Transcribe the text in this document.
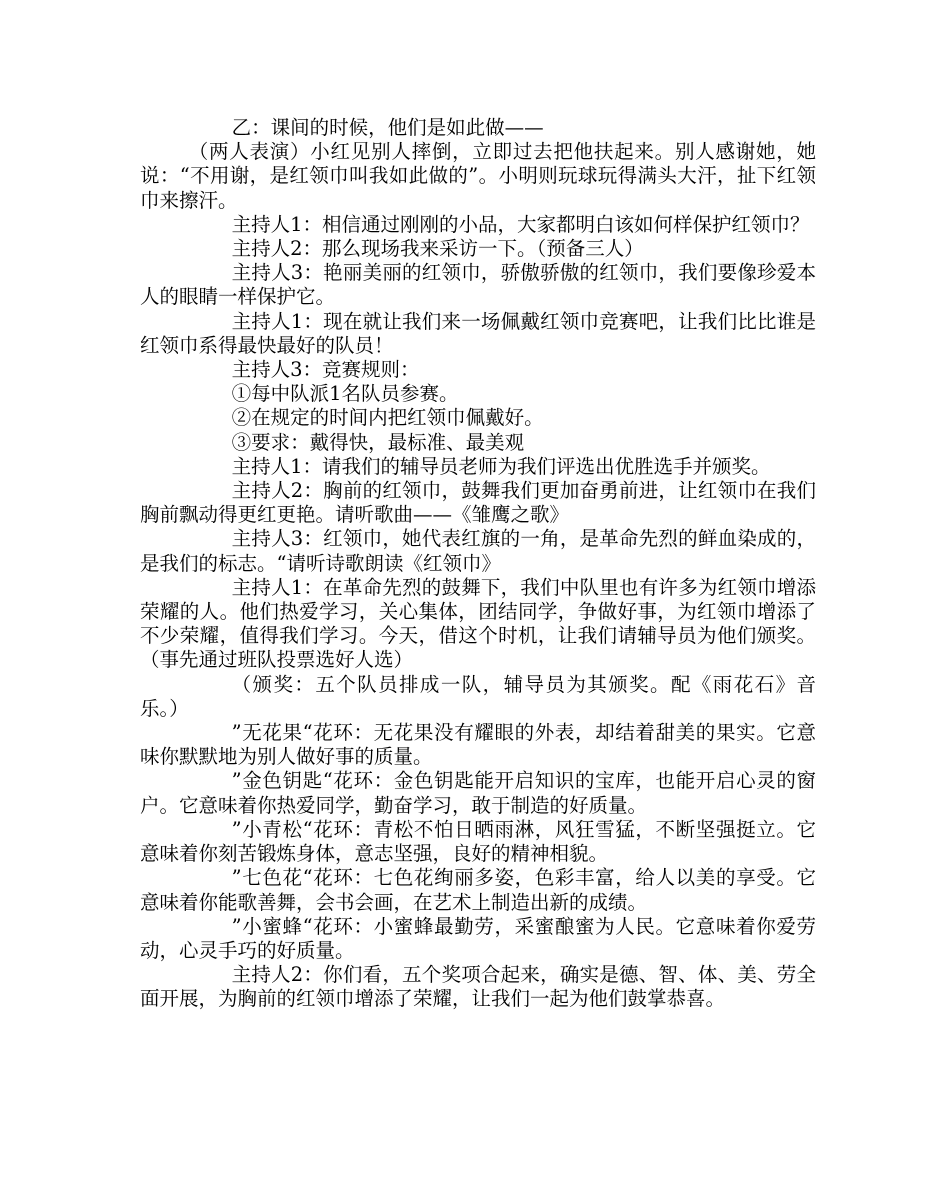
乙：课间的时候，他们是如此做——

（两人表演）小红见别人摔倒，立即过去把他扶起来。别人感谢她，她说：“不用谢，是红领巾叫我如此做的”。小明则玩球玩得满头大汗，扯下红领巾来擦汗。

主持人1：相信通过刚刚的小品，大家都明白该如何样保护红领巾？

主持人2：那么现场我来采访一下。（预备三人）

主持人3：艳丽美丽的红领巾，骄傲骄傲的红领巾，我们要像珍爱本人的眼睛一样保护它。

主持人1：现在就让我们来一场佩戴红领巾竞赛吧，让我们比比谁是红领巾系得最快最好的队员！

主持人3：竞赛规则：

①每中队派1名队员参赛。

②在规定的时间内把红领巾佩戴好。

③要求：戴得快，最标准、最美观

主持人1：请我们的辅导员老师为我们评选出优胜选手并颁奖。

主持人2：胸前的红领巾，鼓舞我们更加奋勇前进，让红领巾在我们胸前飘动得更红更艳。请听歌曲——《雏鹰之歌》

主持人3：红领巾，她代表红旗的一角，是革命先烈的鲜血染成的，是我们的标志。“请听诗歌朗读《红领巾》

主持人1：在革命先烈的鼓舞下，我们中队里也有许多为红领巾增添荣耀的人。他们热爱学习，关心集体，团结同学，争做好事，为红领巾增添了不少荣耀，值得我们学习。今天，借这个时机，让我们请辅导员为他们颁奖。（事先通过班队投票选好人选）

（颁奖：五个队员排成一队，辅导员为其颁奖。配《雨花石》音乐。）

”无花果“花环：无花果没有耀眼的外表，却结着甜美的果实。它意味你默默地为别人做好事的质量。

”金色钥匙“花环：金色钥匙能开启知识的宝库，也能开启心灵的窗户。它意味着你热爱同学，勤奋学习，敢于制造的好质量。

”小青松“花环：青松不怕日晒雨淋，风狂雪猛，不断坚强挺立。它意味着你刻苦锻炼身体，意志坚强，良好的精神相貌。

”七色花“花环：七色花绚丽多姿，色彩丰富，给人以美的享受。它意味着你能歌善舞，会书会画，在艺术上制造出新的成绩。

”小蜜蜂“花环：小蜜蜂最勤劳，采蜜酿蜜为人民。它意味着你爱劳动，心灵手巧的好质量。

主持人2：你们看，五个奖项合起来，确实是德、智、体、美、劳全面开展，为胸前的红领巾增添了荣耀，让我们一起为他们鼓掌恭喜。
